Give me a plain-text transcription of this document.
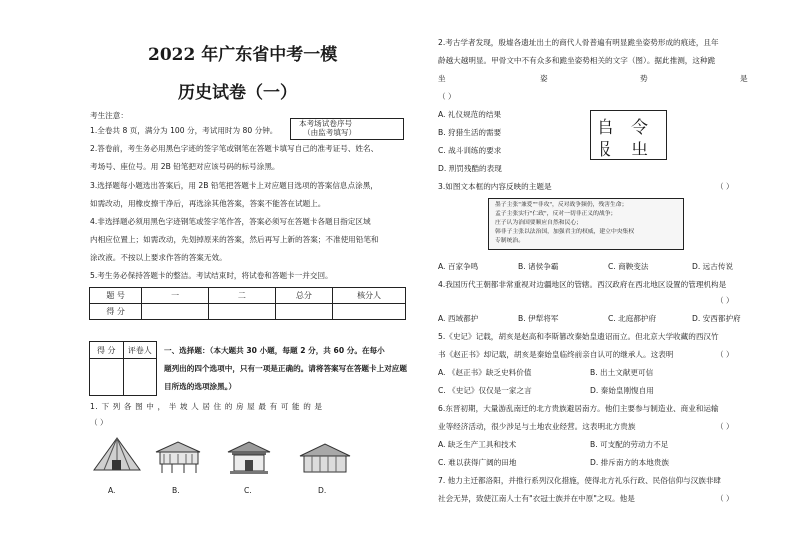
2022 年广东省中考一模
历史试卷（一）
考生注意：
本考场试卷序号
（由监考填写）
1.全卷共 8 页，满分为 100 分，考试用时为 80 分钟。
2.答卷前，考生务必用黑色字迹的签字笔或钢笔在答题卡填写自己的准考证号、姓名、
考场号、座位号。用 2B 铅笔把对应该号码的标号涂黑。
3.选择题每小题选出答案后，用 2B 铅笔把答题卡上对应题目选项的答案信息点涂黑，
如需改动，用橡皮擦干净后，再选涂其他答案，答案不能答在试题上。
4.非选择题必须用黑色字迹钢笔或签字笔作答，答案必须写在答题卡各题目指定区域
内相应位置上；如需改动，先划掉原来的答案，然后再写上新的答案；不准使用铅笔和
涂改液。不按以上要求作答的答案无效。
5.考生务必保持答题卡的整洁。考试结束时，将试卷和答题卡一并交回。
题 号	一	二	总分	核分人
得 分				
得 分	评卷人
	一、选择题：（本大题共 30 小题，每题 2 分，共 60 分。在每小
题列出的四个选项中，只有一项是正确的。请将答案写在答题卡上对应题
目所选的选项涂黑。）
1. 下 列 各 图 中 ， 半 坡 人 居 住 的 房 屋 最 有 可 能 的 是
（ ）
A.	B.	C.	D.
2.考古学者发现，殷墟各遗址出土的商代人骨普遍有明显跪坐姿势形成的痕迹，且年
龄越大越明显。甲骨文中不有众多和跪坐姿势相关的文字（图）。据此推测，这种跪
坐	姿	势	是
（ ）
A. 礼仪规范的结果
B. 狩猎生活的需要
C. 战斗训练的要求
D. 刑罚残酷的表现
𠂤 令
𠬝 㞢
3.如图文本框的内容反映的主题是	（ ）
墨子主张"兼爱""非攻"，反对战争频仍，残害生命；
孟子主张实行"仁政"，反对一切非正义的战争；
庄子认为治国要顺应自然和民心；
韩非子主张以法治国，加强君主的权威，建立中央集权
专制统治。
A. 百家争鸣	B. 诸侯争霸	C. 商鞅变法	D. 远古传说
4.我国历代王朝都非常重视对边疆地区的管辖。西汉政府在西北地区设置的管理机构是
（ ）
A. 西域都护	B. 伊犁将军	C. 北庭都护府	D. 安西都护府
5.《史记》记载，胡亥是赵高和李斯篡改秦始皇遗诏而立。但北京大学收藏的西汉竹
书《赵正书》却记载，胡亥是秦始皇临终前亲自认可的继承人。这表明	（ ）
A. 《赵正书》缺乏史料价值	B. 出土文献更可信
C. 《史记》仅仅是一家之言	D. 秦始皇刚愎自用
6.东晋初期，大量游乱南迁的北方贵族避居南方。他们主要参与制造业、商业和运输
业等经济活动，很少涉足与土地农业经营。这表明北方贵族	（ ）
A. 缺乏生产工具和技术	B. 可支配的劳动力不足
C. 难以获得广阔的田地	D. 排斥南方的本地贵族
7. 他力主迁都洛阳，并推行系列汉化措施，使得北方礼乐行政、民俗信仰与汉族非肆
社会无异，致使江南人士有"衣冠士族并在中原"之叹。他是	（ ）
